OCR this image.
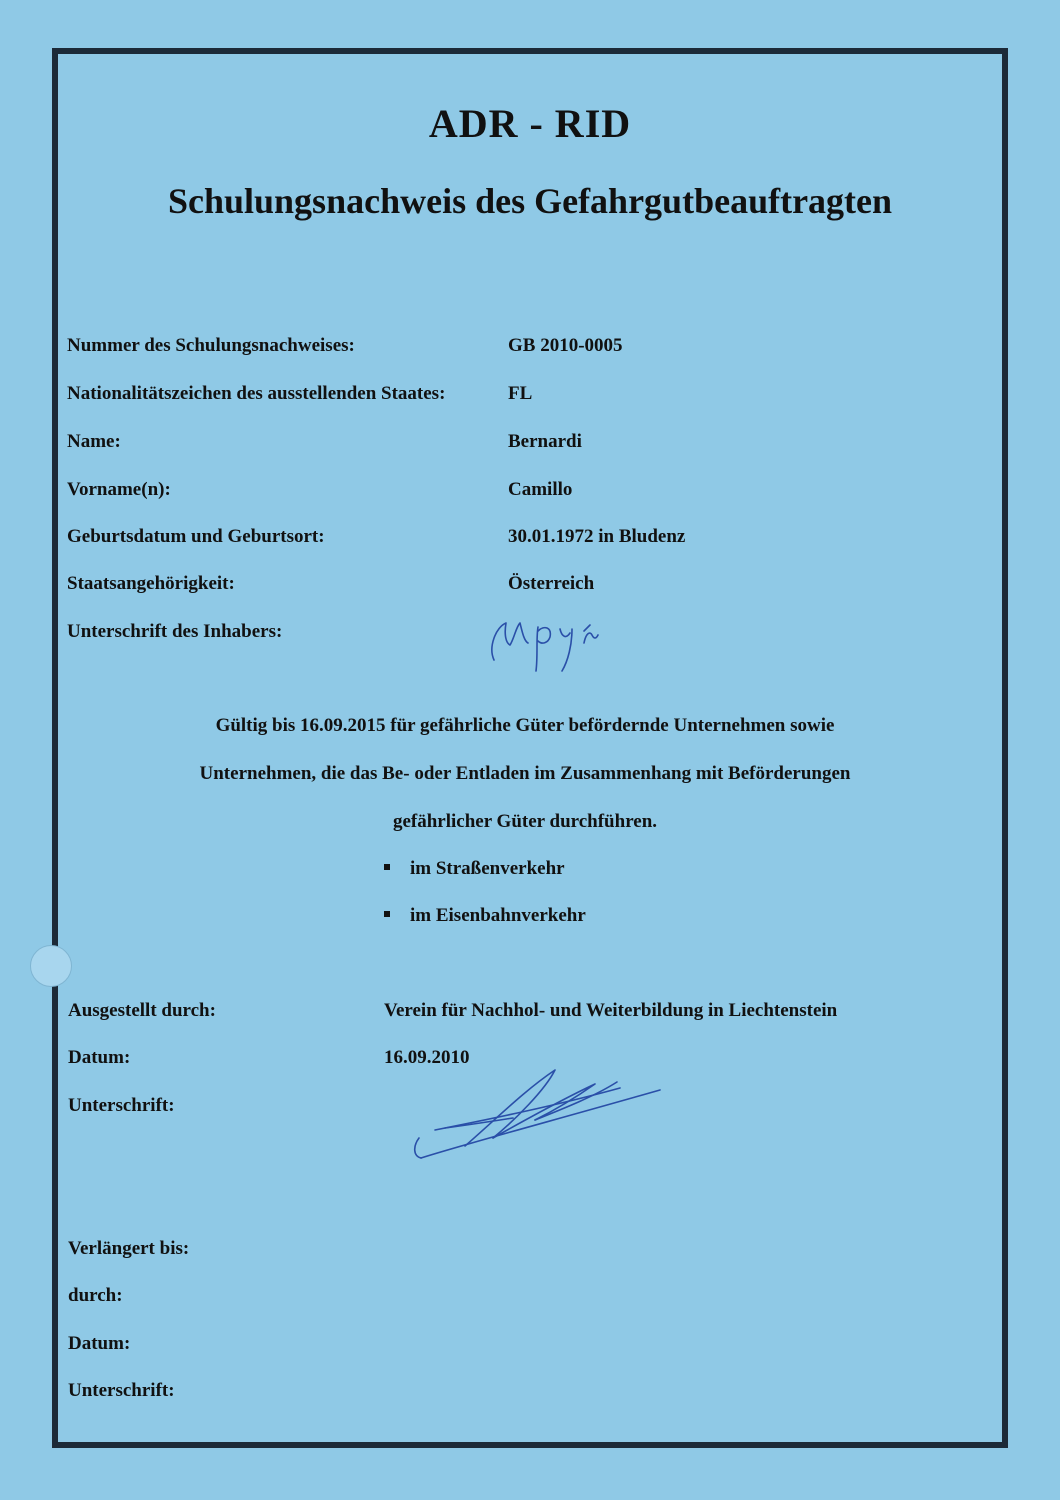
ADR - RID
Schulungsnachweis des Gefahrgutbeauftragten
Nummer des Schulungsnachweises:	GB 2010-0005
Nationalitätszeichen des ausstellenden Staates:	FL
Name:	Bernardi
Vorname(n):	Camillo
Geburtsdatum und Geburtsort:	30.01.1972 in Bludenz
Staatsangehörigkeit:	Österreich
Unterschrift des Inhabers:
Gültig bis 16.09.2015 für gefährliche Güter befördernde Unternehmen sowie
Unternehmen, die das Be- oder Entladen im Zusammenhang mit Beförderungen
gefährlicher Güter durchführen.
im Straßenverkehr
im Eisenbahnverkehr
Ausgestellt durch:	Verein für Nachhol- und Weiterbildung in Liechtenstein
Datum:	16.09.2010
Unterschrift:
Verlängert bis:
durch:
Datum:
Unterschrift:
